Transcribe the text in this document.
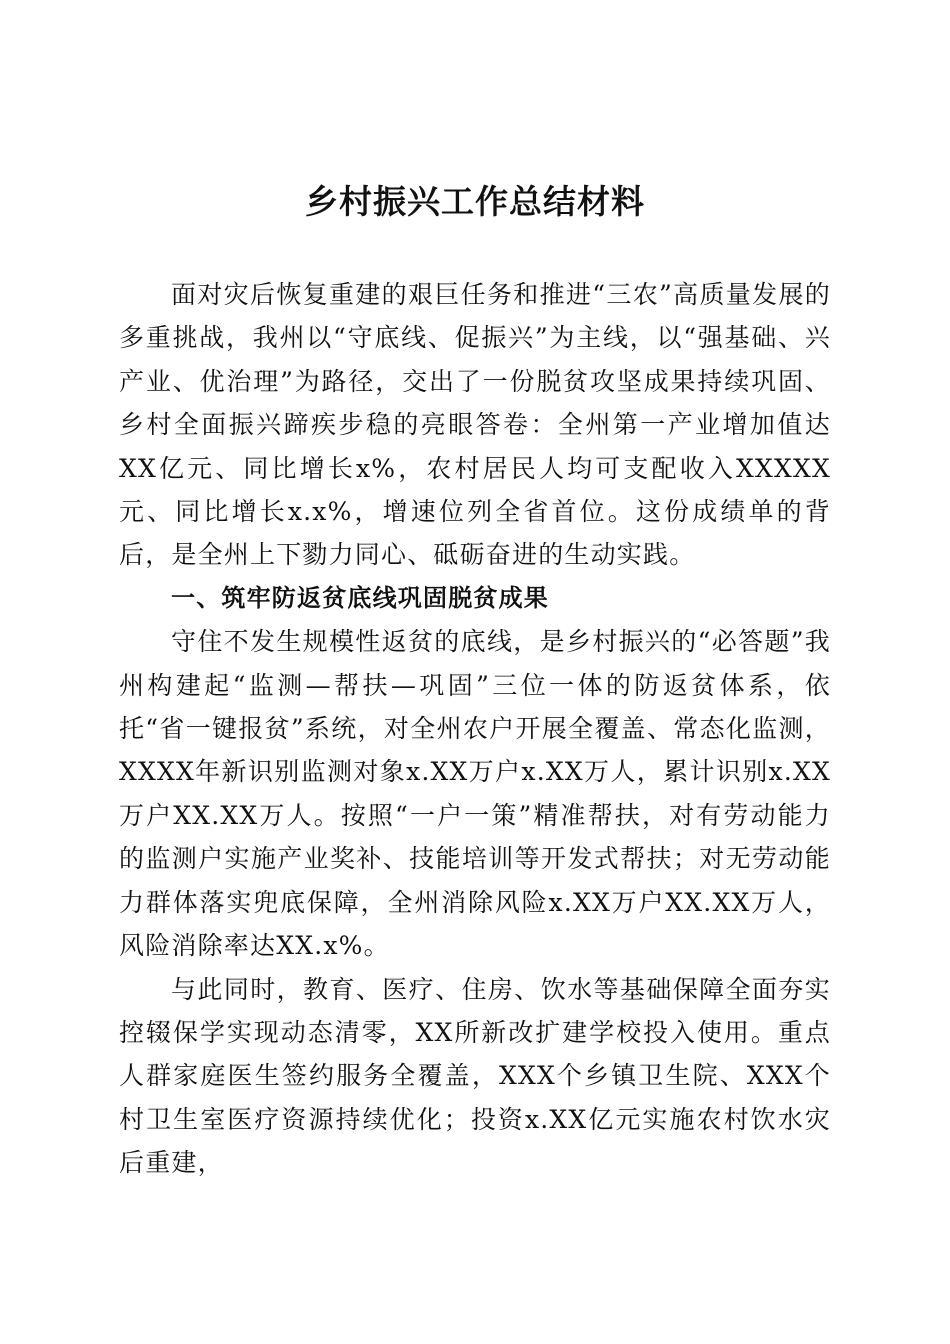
乡村振兴工作总结材料

面对灾后恢复重建的艰巨任务和推进“三农”高质量发展的多重挑战，我州以“守底线、促振兴”为主线，以“强基础、兴产业、优治理”为路径，交出了一份脱贫攻坚成果持续巩固、乡村全面振兴蹄疾步稳的亮眼答卷：全州第一产业增加值达XX亿元、同比增长x%，农村居民人均可支配收入XXXXX元、同比增长x.x%，增速位列全省首位。这份成绩单的背后，是全州上下勠力同心、砥砺奋进的生动实践。

一、筑牢防返贫底线巩固脱贫成果

守住不发生规模性返贫的底线，是乡村振兴的“必答题”我州构建起“监测—帮扶—巩固”三位一体的防返贫体系，依托“省一键报贫”系统，对全州农户开展全覆盖、常态化监测，XXXX年新识别监测对象x.XX万户x.XX万人，累计识别x.XX万户XX.XX万人。按照“一户一策”精准帮扶，对有劳动能力的监测户实施产业奖补、技能培训等开发式帮扶；对无劳动能力群体落实兜底保障，全州消除风险x.XX万户XX.XX万人，风险消除率达XX.x%。

与此同时，教育、医疗、住房、饮水等基础保障全面夯实控辍保学实现动态清零，XX所新改扩建学校投入使用。重点人群家庭医生签约服务全覆盖，XXX个乡镇卫生院、XXX个村卫生室医疗资源持续优化；投资x.XX亿元实施农村饮水灾后重建，
